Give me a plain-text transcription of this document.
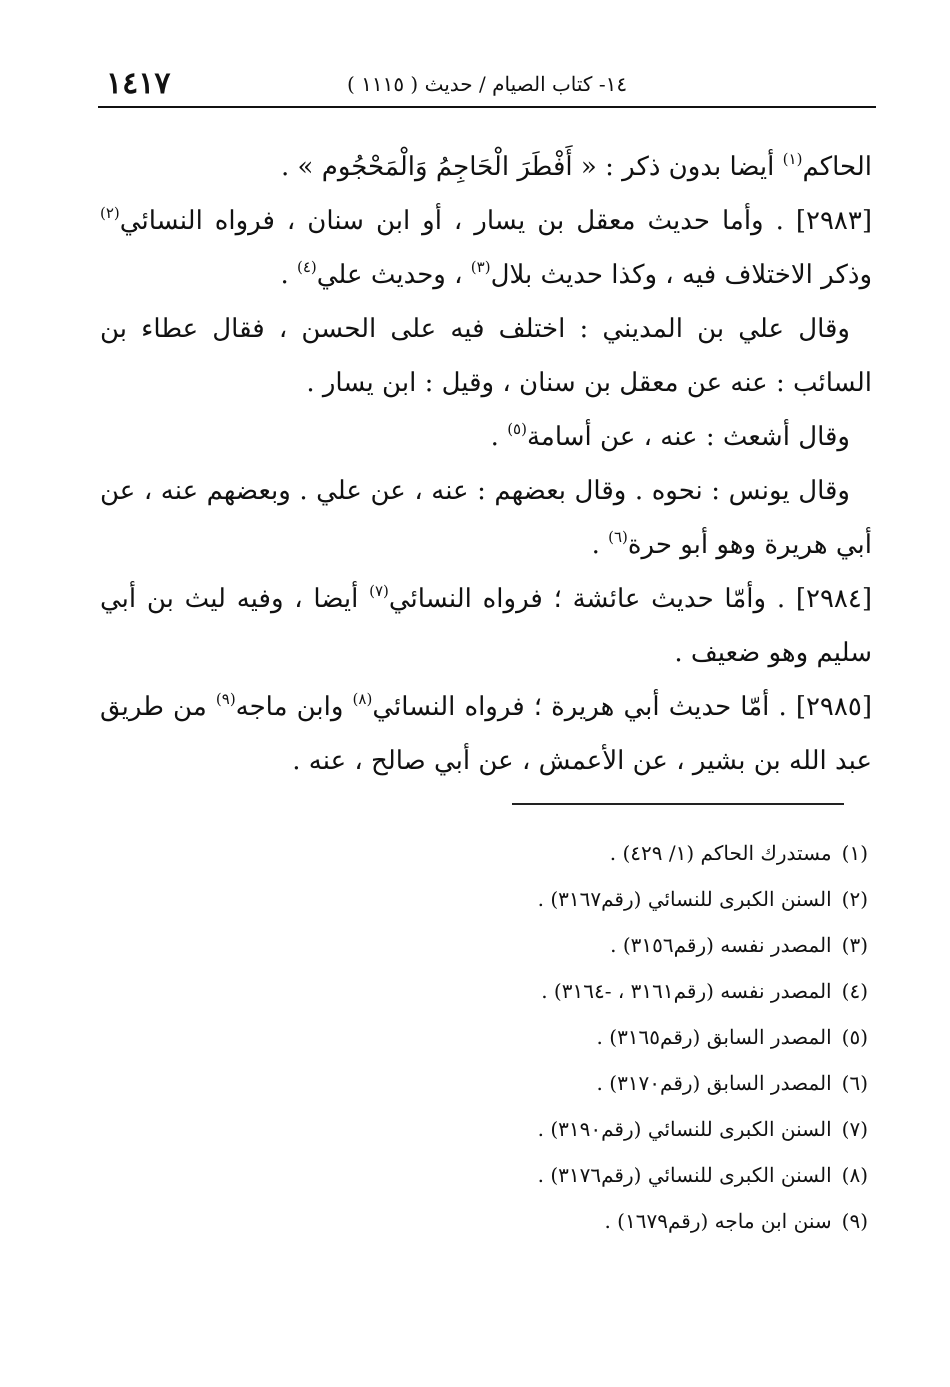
١٤١٧	١٤- كتاب الصيام / حديث ( ١١١٥ )

الحاكم$^{(١)}$ أيضا بدون ذكر : « أَفْطَرَ الْحَاجِمُ وَالْمَحْجُوم » .

[٢٩٨٣] . وأما حديث معقل بن يسار ، أو ابن سنان ، فرواه النسائي$^{(٢)}$ وذكر الاختلاف فيه ، وكذا حديث بلال$^{(٣)}$ ، وحديث علي$^{(٤)}$ .

وقال علي بن المديني : اختلف فيه على الحسن ، فقال عطاء بن السائب : عنه عن معقل بن سنان ، وقيل : ابن يسار .

وقال أشعث : عنه ، عن أسامة$^{(٥)}$ .

وقال يونس : نحوه . وقال بعضهم : عنه ، عن علي . وبعضهم عنه ، عن أبي هريرة وهو أبو حرة$^{(٦)}$ .

[٢٩٨٤] . وأمّا حديث عائشة ؛ فرواه النسائي$^{(٧)}$ أيضا ، وفيه ليث بن أبي سليم وهو ضعيف .

[٢٩٨٥] . أمّا حديث أبي هريرة ؛ فرواه النسائي$^{(٨)}$ وابن ماجه$^{(٩)}$ من طريق عبد الله بن بشير ، عن الأعمش ، عن أبي صالح ، عنه .

(١)مستدرك الحاكم (١/ ٤٢٩) .
(٢)السنن الكبرى للنسائي (رقم٣١٦٧) .
(٣)المصدر نفسه (رقم٣١٥٦) .
(٤)المصدر نفسه (رقم٣١٦١ ، -٣١٦٤) .
(٥)المصدر السابق (رقم٣١٦٥) .
(٦)المصدر السابق (رقم٣١٧٠) .
(٧)السنن الكبرى للنسائي (رقم٣١٩٠) .
(٨)السنن الكبرى للنسائي (رقم٣١٧٦) .
(٩)سنن ابن ماجه (رقم١٦٧٩) .
